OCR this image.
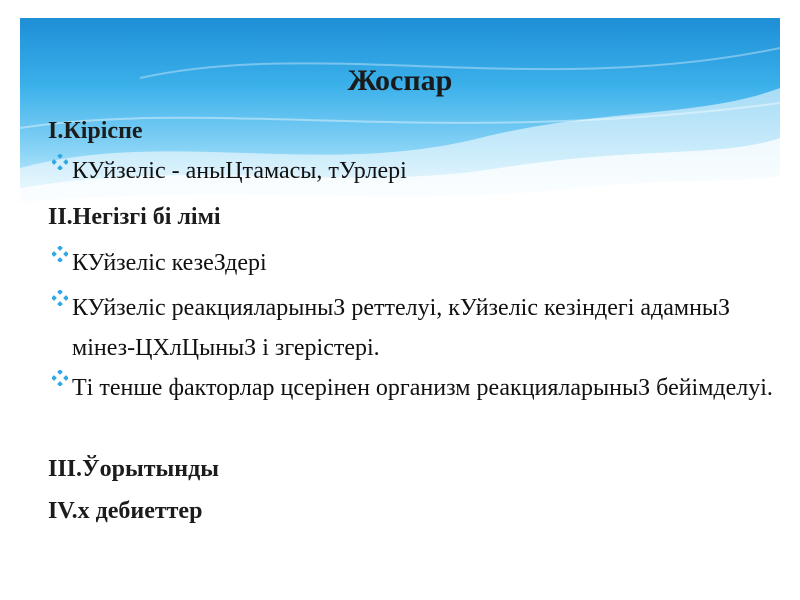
Жоспар
I.Кіріспе
КУйзеліс - аныЦтамасы, тУрлері
II.Негізгі бі лімі
КУйзеліс кезеЗдері
КУйзеліс реакцияларыныЗ реттелуі, кУйзеліс кезіндегі адамныЗ мінез-ЦХлЦыныЗ і згерістері.
Ті тенше факторлар цсерінен организм реакцияларыныЗ бейімделуі.
III.Ўорытынды
IV.х дебиеттер
